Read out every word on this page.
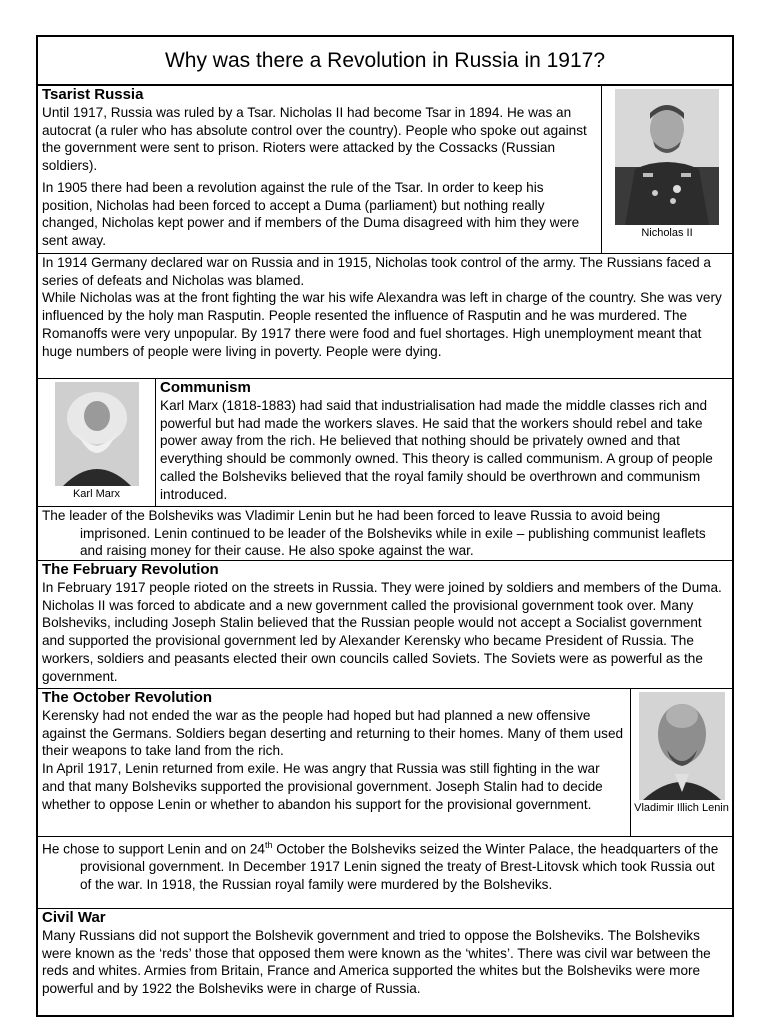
Why was there a Revolution in Russia in 1917?
Tsarist Russia

Until 1917, Russia was ruled by a Tsar. Nicholas II had become Tsar in 1894. He was an autocrat (a ruler who has absolute control over the country). People who spoke out against the government were sent to prison. Rioters were attacked by the Cossacks (Russian soldiers).

In 1905 there had been a revolution against the rule of the Tsar. In order to keep his position, Nicholas had been forced to accept a Duma (parliament) but nothing really changed, Nicholas kept power and if members of the Duma disagreed with him they were sent away.	Nicholas II

In 1914 Germany declared war on Russia and in 1915, Nicholas took control of the army. The Russians faced a series of defeats and Nicholas was blamed.

While Nicholas was at the front fighting the war his wife Alexandra was left in charge of the country. She was very influenced by the holy man Rasputin. People resented the influence of Rasputin and he was murdered. The Romanoffs were very unpopular. By 1917 there were food and fuel shortages. High unemployment meant that huge numbers of people were living in poverty. People were dying.

Karl Marx
Communism

Karl Marx (1818-1883) had said that industrialisation had made the middle classes rich and powerful but had made the workers slaves. He said that the workers should rebel and take power away from the rich. He believed that nothing should be privately owned and that everything should be commonly owned. This theory is called communism. A group of people called the Bolsheviks believed that the royal family should be overthrown and communism introduced.

The leader of the Bolsheviks was Vladimir Lenin but he had been forced to leave Russia to avoid being imprisoned. Lenin continued to be leader of the Bolsheviks while in exile – publishing communist leaflets and raising money for their cause. He also spoke against the war.

The February Revolution

In February 1917 people rioted on the streets in Russia. They were joined by soldiers and members of the Duma. Nicholas II was forced to abdicate and a new government called the provisional government took over. Many Bolsheviks, including Joseph Stalin believed that the Russian people would not accept a Socialist government and supported the provisional government led by Alexander Kerensky who became President of Russia. The workers, soldiers and peasants elected their own councils called Soviets. The Soviets were as powerful as the government.

The October Revolution

Kerensky had not ended the war as the people had hoped but had planned a new offensive against the Germans. Soldiers began deserting and returning to their homes. Many of them used their weapons to take land from the rich.

In April 1917, Lenin returned from exile. He was angry that Russia was still fighting in the war and that many Bolsheviks supported the provisional government. Joseph Stalin had to decide whether to oppose Lenin or whether to abandon his support for the provisional government.	Vladimir Illich Lenin

He chose to support Lenin and on 24th October the Bolsheviks seized the Winter Palace, the headquarters of the provisional government. In December 1917 Lenin signed the treaty of Brest-Litovsk which took Russia out of the war. In 1918, the Russian royal family were murdered by the Bolsheviks.

Civil War

Many Russians did not support the Bolshevik government and tried to oppose the Bolsheviks. The Bolsheviks were known as the ‘reds’ those that opposed them were known as the ‘whites’. There was civil war between the reds and whites. Armies from Britain, France and America supported the whites but the Bolsheviks were more powerful and by 1922 the Bolsheviks were in charge of Russia.
